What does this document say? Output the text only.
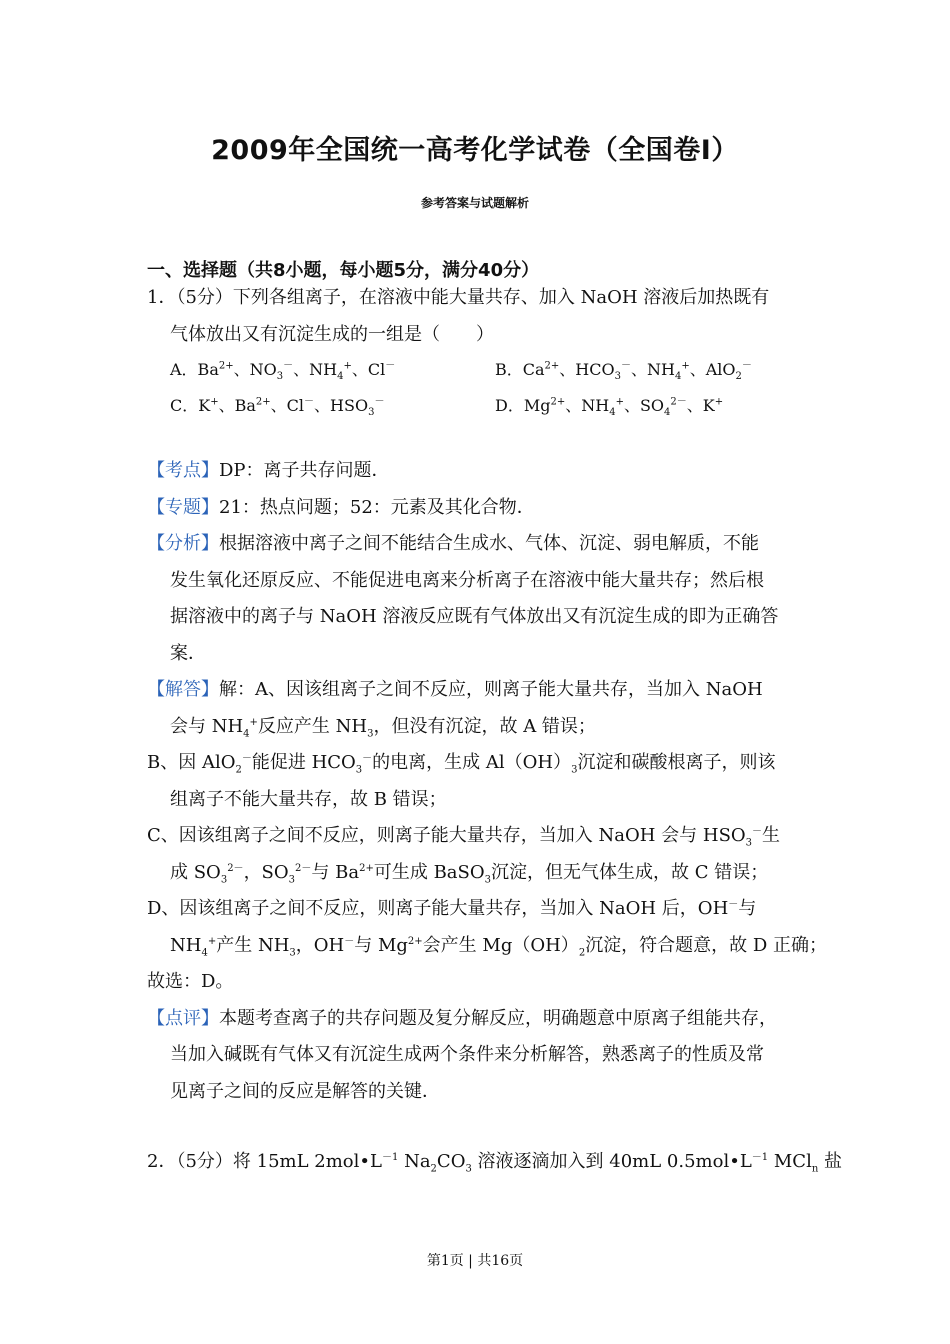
2009年全国统一高考化学试卷（全国卷Ⅰ）
参考答案与试题解析
一、选择题（共8小题，每小题5分，满分40分）
1．（5分）下列各组离子，在溶液中能大量共存、加入 NaOH 溶液后加热既有
气体放出又有沉淀生成的一组是（　　）
A．$Ba^{2+}$、$NO_3^-$、$NH_4^+$、Cl－	B．$Ca^{2+}$、$HCO_3^-$、$NH_4^+$、AlO$_2$－
C．K+、$Ba^{2+}$、Cl－、$HSO_3^-$	D．$Mg^{2+}$、$NH_4^+$、$SO_4^{2-}$、K+
【考点】DP：离子共存问题．
【专题】21：热点问题；52：元素及其化合物．
【分析】根据溶液中离子之间不能结合生成水、气体、沉淀、弱电解质，不能
发生氧化还原反应、不能促进电离来分析离子在溶液中能大量共存；然后根
据溶液中的离子与 NaOH 溶液反应既有气体放出又有沉淀生成的即为正确答
案．
【解答】解：A、因该组离子之间不反应，则离子能大量共存，当加入 NaOH
会与 $NH_4^+$反应产生 $NH_3$，但没有沉淀，故 A 错误；
B、因 AlO$_2$－能促进 $HCO_3^-$的电离，生成 $Al(OH)_3$沉淀和碳酸根离子，则该
组离子不能大量共存，故 B 错误；
C、因该组离子之间不反应，则离子能大量共存，当加入 NaOH 会与 $HSO_3^-$生
成 $SO_3^{2-}$，$SO_3^{2-}$与 $Ba^{2+}$可生成 BaSO$_3$沉淀，但无气体生成，故 C 错误；
D、因该组离子之间不反应，则离子能大量共存，当加入 NaOH 后，OH－与
$NH_4^+$产生 $NH_3$，OH－与 $Mg^{2+}$会产生 $Mg(OH)_2$沉淀，符合题意，故 D 正确；
故选：D。
【点评】本题考查离子的共存问题及复分解反应，明确题意中原离子组能共存，
当加入碱既有气体又有沉淀生成两个条件来分析解答，熟悉离子的性质及常
见离子之间的反应是解答的关键．
2．（5分）将 15mL $2mol•L^{-1}$ $Na_2CO_3$ 溶液逐滴加入到 40mL $0.5mol•L^{-1}$ MCl$_n$ 盐
第1页 | 共16页
